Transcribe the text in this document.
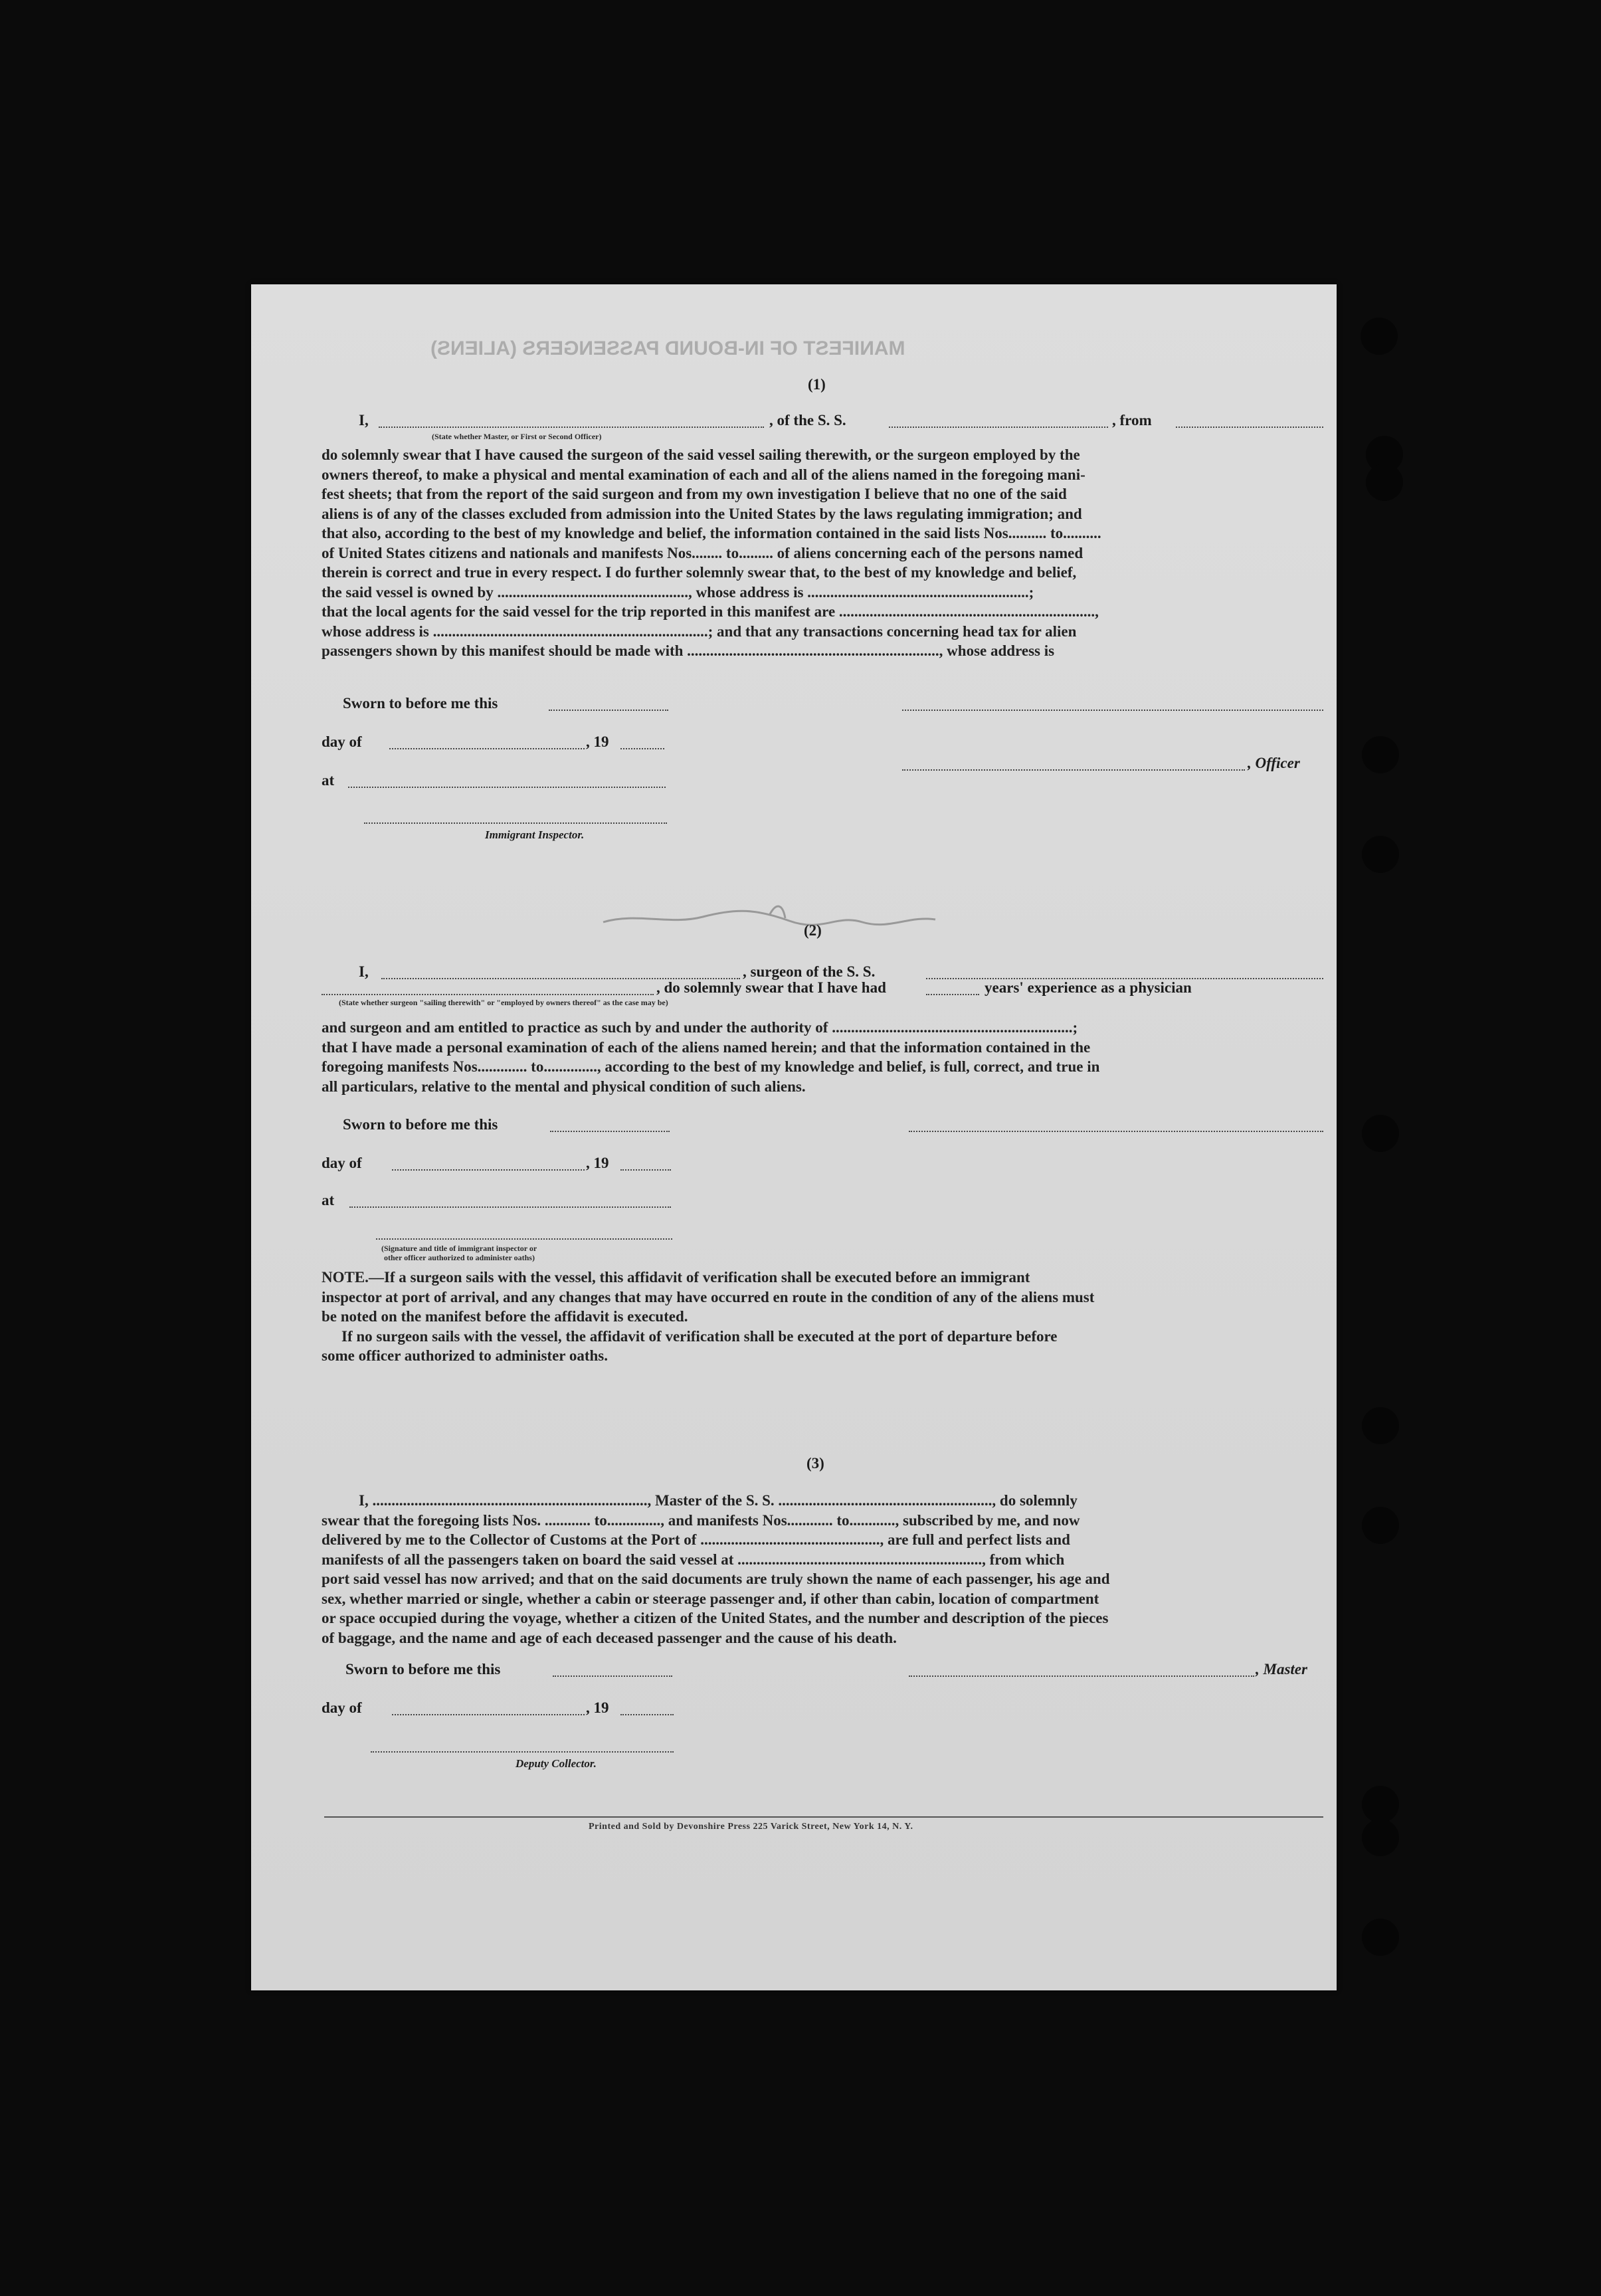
MANIFEST OF IN-BOUND PASSENGERS (ALIENS)
(1)
I,	, of the S. S.	, from
(State whether Master, or First or Second Officer)

do solemnly swear that I have caused the surgeon of the said vessel sailing therewith, or the surgeon employed by the

owners thereof, to make a physical and mental examination of each and all of the aliens named in the foregoing mani-

fest sheets; that from the report of the said surgeon and from my own investigation I believe that no one of the said

aliens is of any of the classes excluded from admission into the United States by the laws regulating immigration; and

that also, according to the best of my knowledge and belief, the information contained in the said lists Nos.......... to..........

of United States citizens and nationals and manifests Nos........ to......... of aliens concerning each of the persons named

therein is correct and true in every respect. I do further solemnly swear that, to the best of my knowledge and belief,

the said vessel is owned by .................................................., whose address is ..........................................................;

that the local agents for the said vessel for the trip reported in this manifest are ...................................................................,

whose address is ........................................................................; and that any transactions concerning head tax for alien

passengers shown by this manifest should be made with .................................................................., whose address is

Sworn to before me this
day of	, 19
, Officer
at
Immigrant Inspector.
(2)
I,	, surgeon of the S. S.
, do solemnly swear that I have had	years' experience as a physician
(State whether surgeon "sailing therewith" or "employed by owners thereof" as the case may be)

and surgeon and am entitled to practice as such by and under the authority of ...............................................................;

that I have made a personal examination of each of the aliens named herein; and that the information contained in the

foregoing manifests Nos............. to.............., according to the best of my knowledge and belief, is full, correct, and true in

all particulars, relative to the mental and physical condition of such aliens.

Sworn to before me this
day of	, 19
at
(Signature and title of immigrant inspector or
other officer authorized to administer oaths)

NOTE.—If a surgeon sails with the vessel, this affidavit of verification shall be executed before an immigrant

inspector at port of arrival, and any changes that may have occurred en route in the condition of any of the aliens must

be noted on the manifest before the affidavit is executed.

If no surgeon sails with the vessel, the affidavit of verification shall be executed at the port of departure before

some officer authorized to administer oaths.

(3)

I, ........................................................................, Master of the S. S. ........................................................, do solemnly

swear that the foregoing lists Nos. ............ to.............., and manifests Nos............ to............, subscribed by me, and now

delivered by me to the Collector of Customs at the Port of ..............................................., are full and perfect lists and

manifests of all the passengers taken on board the said vessel at ................................................................, from which

port said vessel has now arrived; and that on the said documents are truly shown the name of each passenger, his age and

sex, whether married or single, whether a cabin or steerage passenger and, if other than cabin, location of compartment

or space occupied during the voyage, whether a citizen of the United States, and the number and description of the pieces

of baggage, and the name and age of each deceased passenger and the cause of his death.

Sworn to before me this	, Master
day of	, 19
Deputy Collector.
Printed and Sold by Devonshire Press 225 Varick Street, New York 14, N. Y.
